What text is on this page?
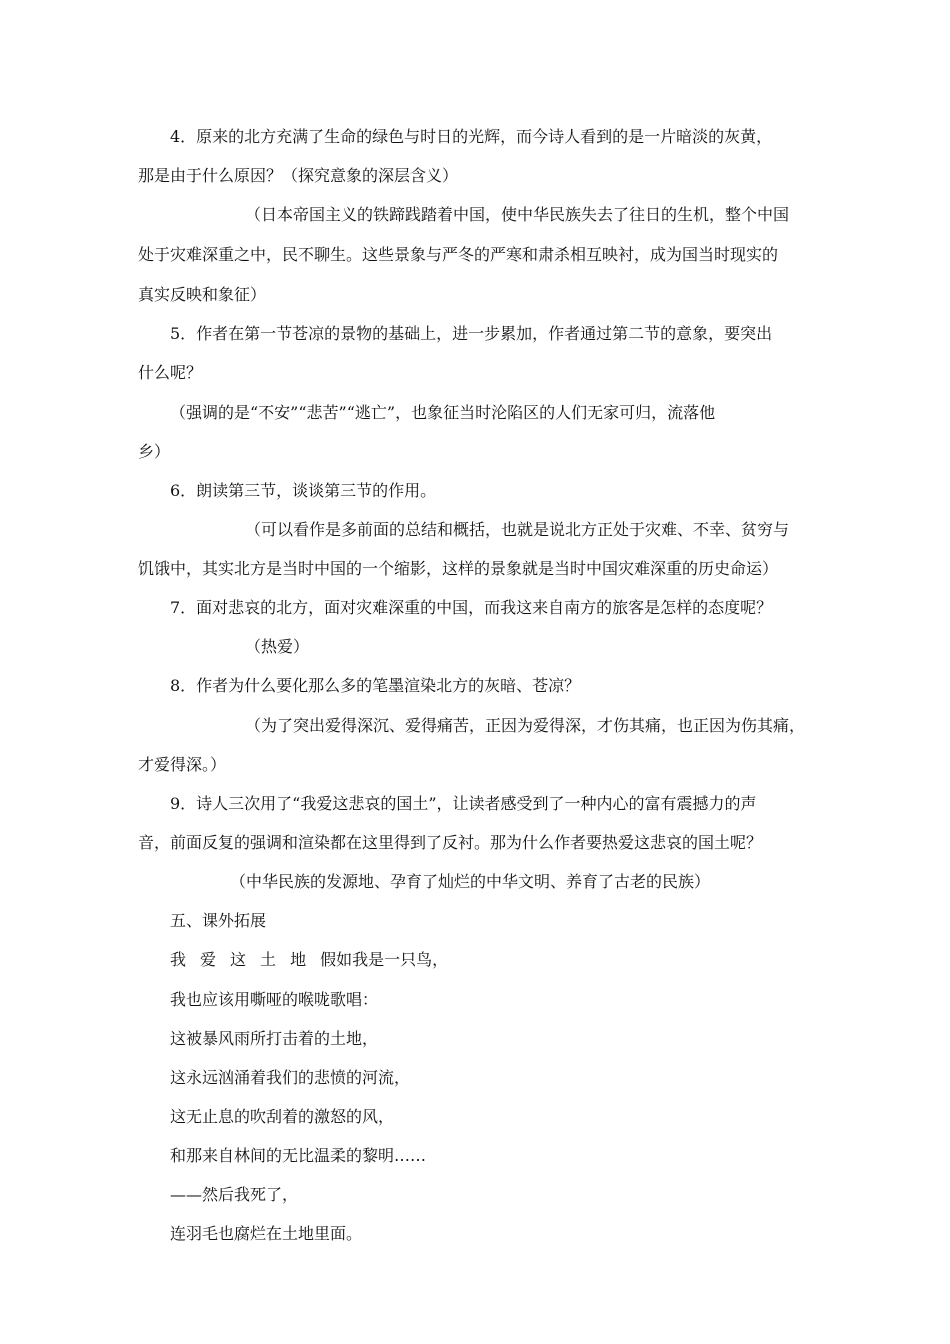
4．原来的北方充满了生命的绿色与时日的光辉，而今诗人看到的是一片暗淡的灰黄，
那是由于什么原因？（探究意象的深层含义）
（日本帝国主义的铁蹄践踏着中国，使中华民族失去了往日的生机，整个中国
处于灾难深重之中，民不聊生。这些景象与严冬的严寒和肃杀相互映衬，成为国当时现实的
真实反映和象征）
5．作者在第一节苍凉的景物的基础上，进一步累加，作者通过第二节的意象，要突出
什么呢？
（强调的是“不安”“悲苦”“逃亡”，也象征当时沦陷区的人们无家可归，流落他
乡）
6．朗读第三节，谈谈第三节的作用。
（可以看作是多前面的总结和概括，也就是说北方正处于灾难、不幸、贫穷与
饥饿中，其实北方是当时中国的一个缩影，这样的景象就是当时中国灾难深重的历史命运）
7．面对悲哀的北方，面对灾难深重的中国，而我这来自南方的旅客是怎样的态度呢？
（热爱）
8．作者为什么要化那么多的笔墨渲染北方的灰暗、苍凉？
（为了突出爱得深沉、爱得痛苦，正因为爱得深，才伤其痛，也正因为伤其痛，
才爱得深。）
9．诗人三次用了“我爱这悲哀的国土”，让读者感受到了一种内心的富有震撼力的声
音，前面反复的强调和渲染都在这里得到了反衬。那为什么作者要热爱这悲哀的国土呢？
（中华民族的发源地、孕育了灿烂的中华文明、养育了古老的民族）
五、课外拓展
我 爱 这 土 地 假如我是一只鸟，
我也应该用嘶哑的喉咙歌唱：
这被暴风雨所打击着的土地，
这永远汹涌着我们的悲愤的河流，
这无止息的吹刮着的激怒的风，
和那来自林间的无比温柔的黎明……
——然后我死了，
连羽毛也腐烂在土地里面。
